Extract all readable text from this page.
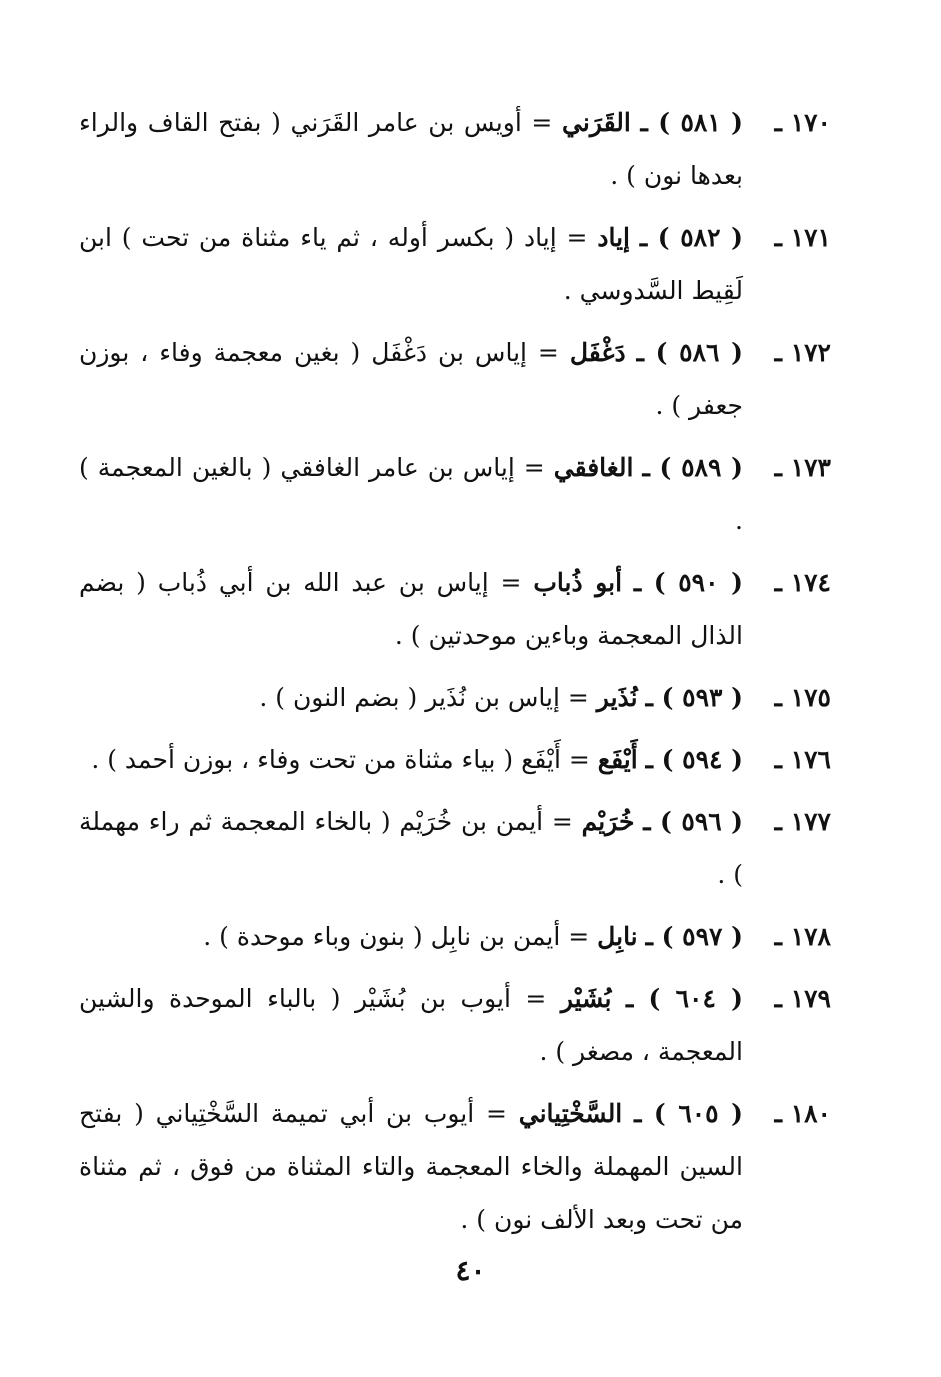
١٧٠ ـ
( ٥٨١ ) ـ القَرَني = أويس بن عامر القَرَني ( بفتح القاف والراء بعدها نون ) .
١٧١ ـ
( ٥٨٢ ) ـ إياد = إياد ( بكسر أوله ، ثم ياء مثناة من تحت ) ابن لَقِيط السَّدوسي .
١٧٢ ـ
( ٥٨٦ ) ـ دَغْفَل = إياس بن دَغْفَل ( بغين معجمة وفاء ، بوزن جعفر ) .
١٧٣ ـ
( ٥٨٩ ) ـ الغافقي = إياس بن عامر الغافقي ( بالغين المعجمة ) .
١٧٤ ـ
( ٥٩٠ ) ـ أبو ذُباب = إياس بن عبد الله بن أبي ذُباب ( بضم الذال المعجمة وباءين موحدتين ) .
١٧٥ ـ
( ٥٩٣ ) ـ نُذَير = إياس بن نُذَير ( بضم النون ) .
١٧٦ ـ
( ٥٩٤ ) ـ أَيْفَع = أَيْفَع ( بياء مثناة من تحت وفاء ، بوزن أحمد ) .
١٧٧ ـ
( ٥٩٦ ) ـ خُرَيْم = أيمن بن خُرَيْم ( بالخاء المعجمة ثم راء مهملة ) .
١٧٨ ـ
( ٥٩٧ ) ـ نابِل = أيمن بن نابِل ( بنون وباء موحدة ) .
١٧٩ ـ
( ٦٠٤ ) ـ بُشَيْر = أيوب بن بُشَيْر ( بالباء الموحدة والشين المعجمة ، مصغر ) .
١٨٠ ـ
( ٦٠٥ ) ـ السَّخْتِياني = أيوب بن أبي تميمة السَّخْتِياني ( بفتح السين المهملة والخاء المعجمة والتاء المثناة من فوق ، ثم مثناة من تحت وبعد الألف نون ) .
٤٠
